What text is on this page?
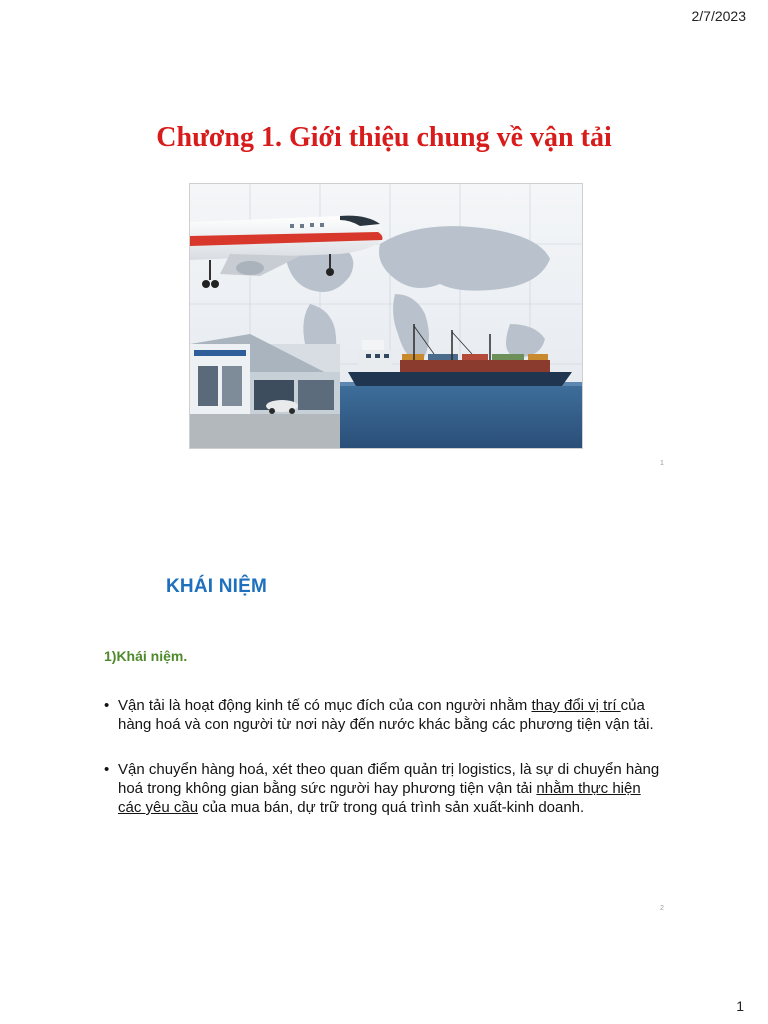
2/7/2023
Chương 1. Giới thiệu chung về vận tải
1
KHÁI NIỆM
1)Khái niệm.
• Vận tải là hoạt động kinh tế có mục đích của con người nhằm thay đổi vị trí của hàng hoá và con người từ nơi này đến nước khác bằng các phương tiện vận tải.
• Vận chuyển hàng hoá, xét theo quan điểm quản trị logistics, là sự di chuyển hàng hoá trong không gian bằng sức người hay phương tiện vận tải nhằm thực hiện các yêu cầu của mua bán, dự trữ trong quá trình sản xuất-kinh doanh.
2
1
